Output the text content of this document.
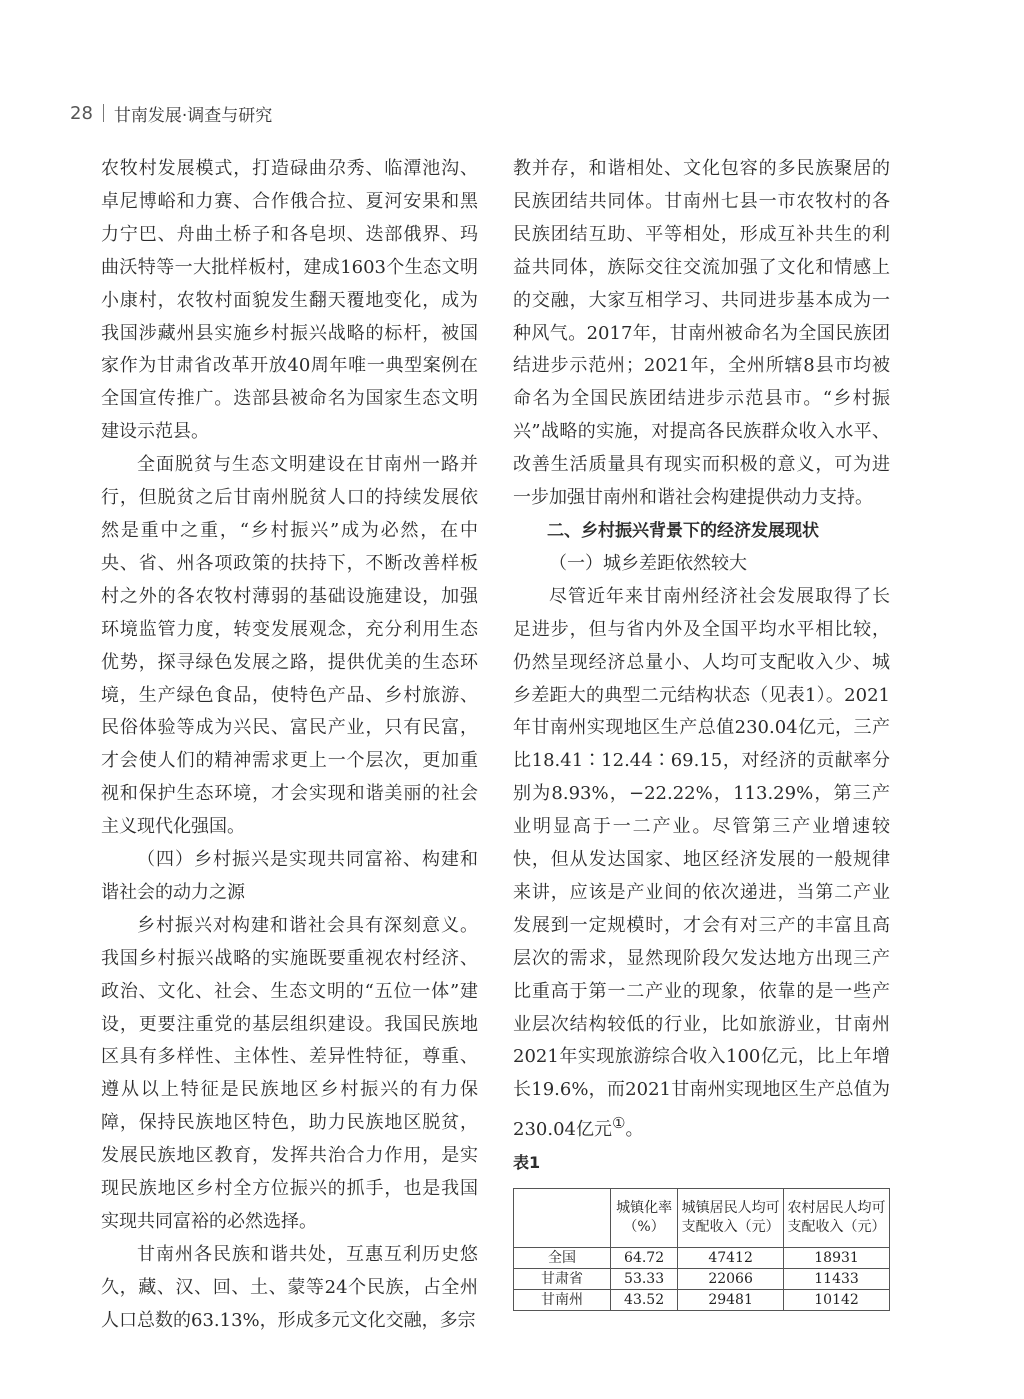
28 甘南发展·调查与研究

农牧村发展模式，打造碌曲尕秀、临潭池沟、卓尼博峪和力赛、合作俄合拉、夏河安果和黑力宁巴、舟曲土桥子和各皂坝、迭部俄界、玛曲沃特等一大批样板村，建成1603个生态文明小康村，农牧村面貌发生翻天覆地变化，成为我国涉藏州县实施乡村振兴战略的标杆，被国家作为甘肃省改革开放40周年唯一典型案例在全国宣传推广。迭部县被命名为国家生态文明建设示范县。

全面脱贫与生态文明建设在甘南州一路并行，但脱贫之后甘南州脱贫人口的持续发展依然是重中之重，“乡村振兴”成为必然，在中央、省、州各项政策的扶持下，不断改善样板村之外的各农牧村薄弱的基础设施建设，加强环境监管力度，转变发展观念，充分利用生态优势，探寻绿色发展之路，提供优美的生态环境，生产绿色食品，使特色产品、乡村旅游、民俗体验等成为兴民、富民产业，只有民富，才会使人们的精神需求更上一个层次，更加重视和保护生态环境，才会实现和谐美丽的社会主义现代化强国。

（四）乡村振兴是实现共同富裕、构建和谐社会的动力之源

乡村振兴对构建和谐社会具有深刻意义。我国乡村振兴战略的实施既要重视农村经济、政治、文化、社会、生态文明的“五位一体”建设，更要注重党的基层组织建设。我国民族地区具有多样性、主体性、差异性特征，尊重、遵从以上特征是民族地区乡村振兴的有力保障，保持民族地区特色，助力民族地区脱贫，发展民族地区教育，发挥共治合力作用，是实现民族地区乡村全方位振兴的抓手，也是我国实现共同富裕的必然选择。

甘南州各民族和谐共处，互惠互利历史悠久，藏、汉、回、土、蒙等24个民族，占全州人口总数的63.13%，形成多元文化交融，多宗

教并存，和谐相处、文化包容的多民族聚居的民族团结共同体。甘南州七县一市农牧村的各民族团结互助、平等相处，形成互补共生的利益共同体，族际交往交流加强了文化和情感上的交融，大家互相学习、共同进步基本成为一种风气。2017年，甘南州被命名为全国民族团结进步示范州；2021年，全州所辖8县市均被命名为全国民族团结进步示范县市。“乡村振兴”战略的实施，对提高各民族群众收入水平、改善生活质量具有现实而积极的意义，可为进一步加强甘南州和谐社会构建提供动力支持。

二、乡村振兴背景下的经济发展现状

（一）城乡差距依然较大

尽管近年来甘南州经济社会发展取得了长足进步，但与省内外及全国平均水平相比较，仍然呈现经济总量小、人均可支配收入少、城乡差距大的典型二元结构状态（见表1）。2021年甘南州实现地区生产总值230.04亿元，三产比18.41∶12.44∶69.15，对经济的贡献率分别为8.93%，−22.22%，113.29%，第三产业明显高于一二产业。尽管第三产业增速较快，但从发达国家、地区经济发展的一般规律来讲，应该是产业间的依次递进，当第二产业发展到一定规模时，才会有对三产的丰富且高层次的需求，显然现阶段欠发达地方出现三产比重高于第一二产业的现象，依靠的是一些产业层次结构较低的行业，比如旅游业，甘南州2021年实现旅游综合收入100亿元，比上年增长19.6%，而2021甘南州实现地区生产总值为230.04亿元①。

表1

	城镇化率（%）	城镇居民人均可支配收入（元）	农村居民人均可支配收入（元）
全国	64.72	47412	18931
甘肃省	53.33	22066	11433
甘南州	43.52	29481	10142
